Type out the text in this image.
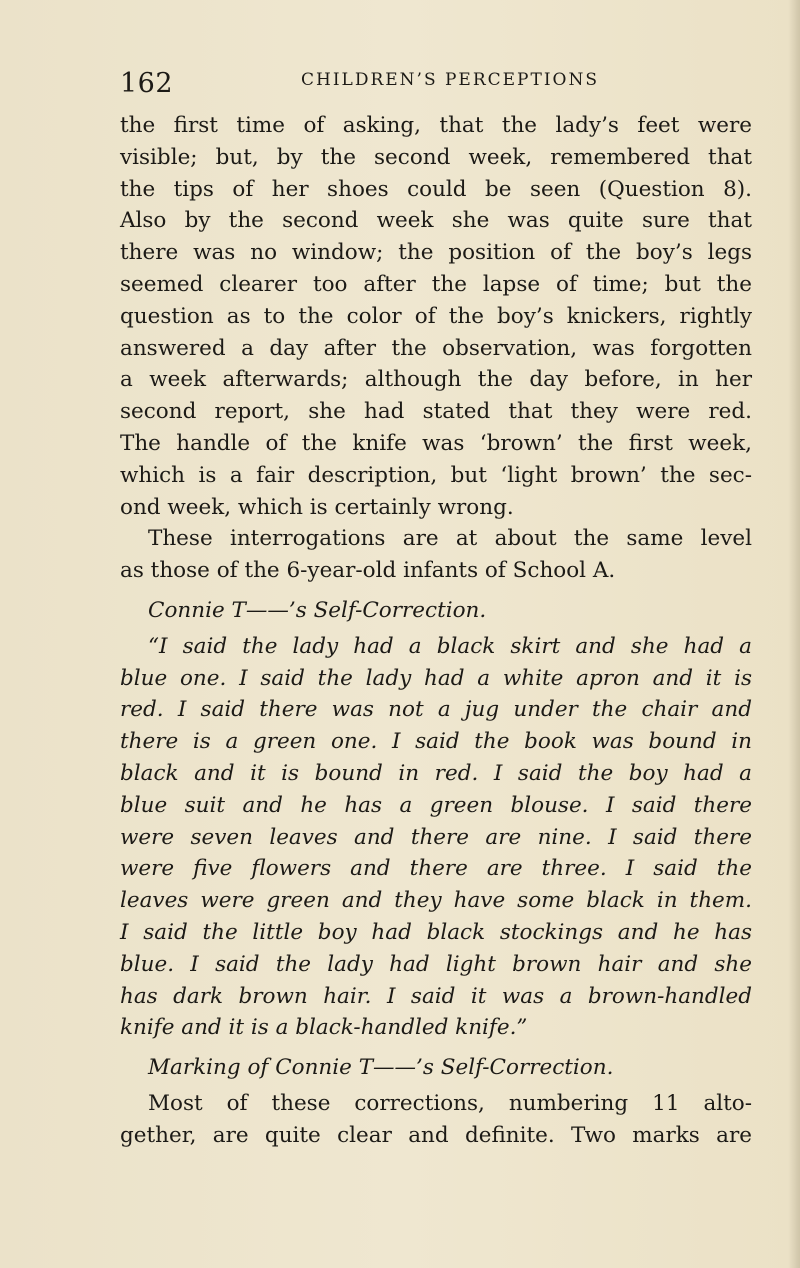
162	CHILDREN’S PERCEPTIONS
the first time of asking, that the lady’s feet were
visible; but, by the second week, remembered that
the tips of her shoes could be seen (Question 8).
Also by the second week she was quite sure that
there was no window; the position of the boy’s legs
seemed clearer too after the lapse of time; but the
question as to the color of the boy’s knickers, rightly
answered a day after the observation, was forgotten
a week afterwards; although the day before, in her
second report, she had stated that they were red.
The handle of the knife was ‘brown’ the first week,
which is a fair description, but ‘light brown’ the sec-
ond week, which is certainly wrong.
These interrogations are at about the same level
as those of the 6-year-old infants of School A.
Connie T——’s Self-Correction.
“I said the lady had a black skirt and she had a
blue one. I said the lady had a white apron and it is
red. I said there was not a jug under the chair and
there is a green one. I said the book was bound in
black and it is bound in red. I said the boy had a
blue suit and he has a green blouse. I said there
were seven leaves and there are nine. I said there
were five flowers and there are three. I said the
leaves were green and they have some black in them.
I said the little boy had black stockings and he has
blue. I said the lady had light brown hair and she
has dark brown hair. I said it was a brown-handled
knife and it is a black-handled knife.”
Marking of Connie T——’s Self-Correction.
Most of these corrections, numbering 11 alto-
gether, are quite clear and definite. Two marks are
